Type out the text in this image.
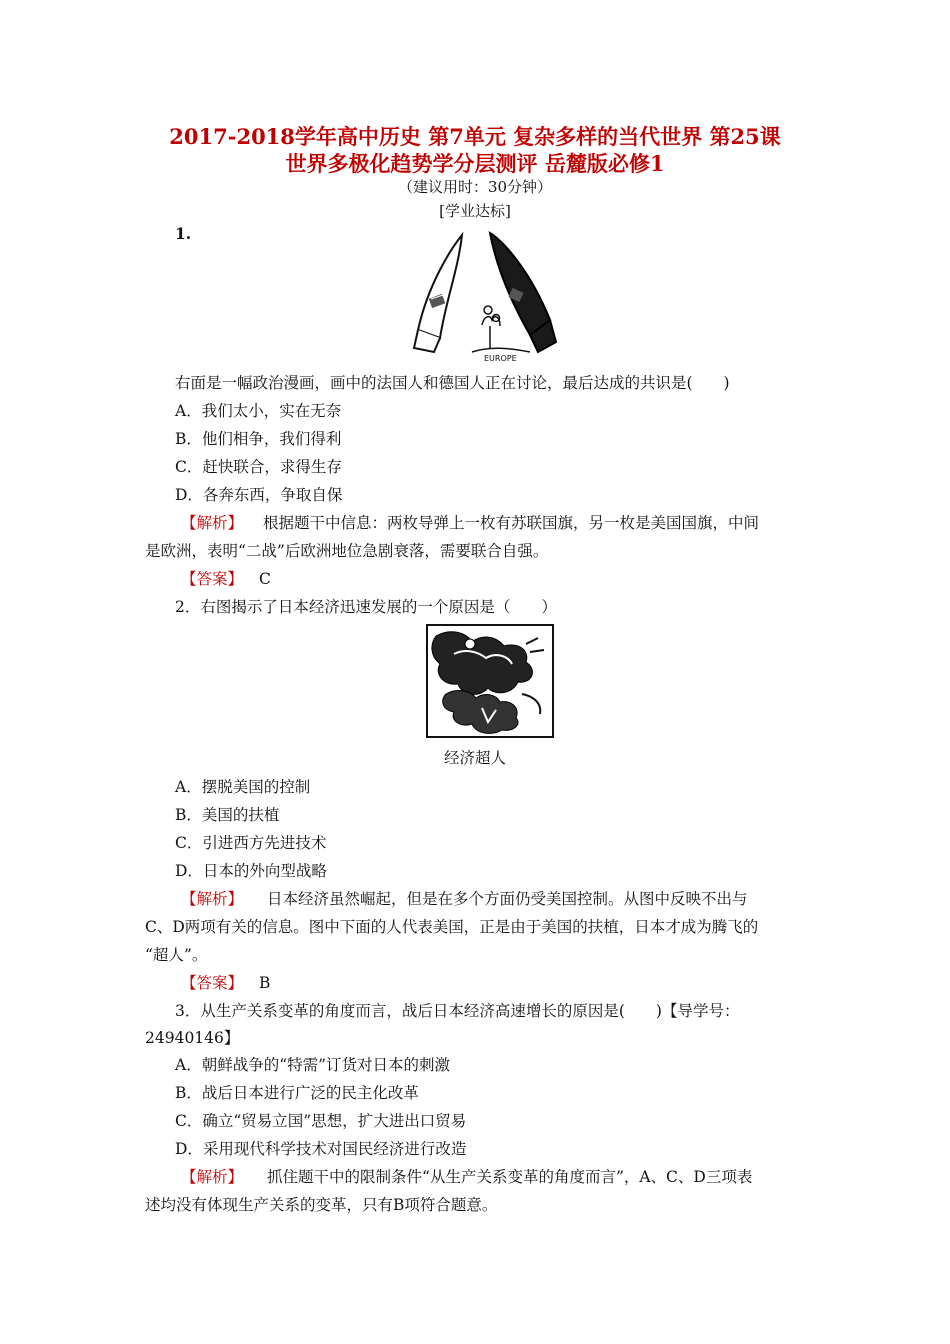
2017-2018学年高中历史 第7单元 复杂多样的当代世界 第25课
世界多极化趋势学分层测评 岳麓版必修1
（建议用时：30分钟）
[学业达标]
1.
EUROPE
右面是一幅政治漫画，画中的法国人和德国人正在讨论，最后达成的共识是(　　)
A．我们太小，实在无奈
B．他们相争，我们得利
C．赶快联合，求得生存
D．各奔东西，争取自保
【解析】 根据题干中信息：两枚导弹上一枚有苏联国旗，另一枚是美国国旗，中间
是欧洲，表明“二战”后欧洲地位急剧衰落，需要联合自强。
【答案】 C
2．右图揭示了日本经济迅速发展的一个原因是（　　）
经济超人
A．摆脱美国的控制
B．美国的扶植
C．引进西方先进技术
D．日本的外向型战略
【解析】 日本经济虽然崛起，但是在多个方面仍受美国控制。从图中反映不出与
C、D两项有关的信息。图中下面的人代表美国，正是由于美国的扶植，日本才成为腾飞的
“超人”。
【答案】 B
3．从生产关系变革的角度而言，战后日本经济高速增长的原因是(　　)【导学号：
24940146】
A．朝鲜战争的“特需”订货对日本的刺激
B．战后日本进行广泛的民主化改革
C．确立“贸易立国”思想，扩大进出口贸易
D．采用现代科学技术对国民经济进行改造
【解析】 抓住题干中的限制条件“从生产关系变革的角度而言”，A、C、D三项表
述均没有体现生产关系的变革，只有B项符合题意。
